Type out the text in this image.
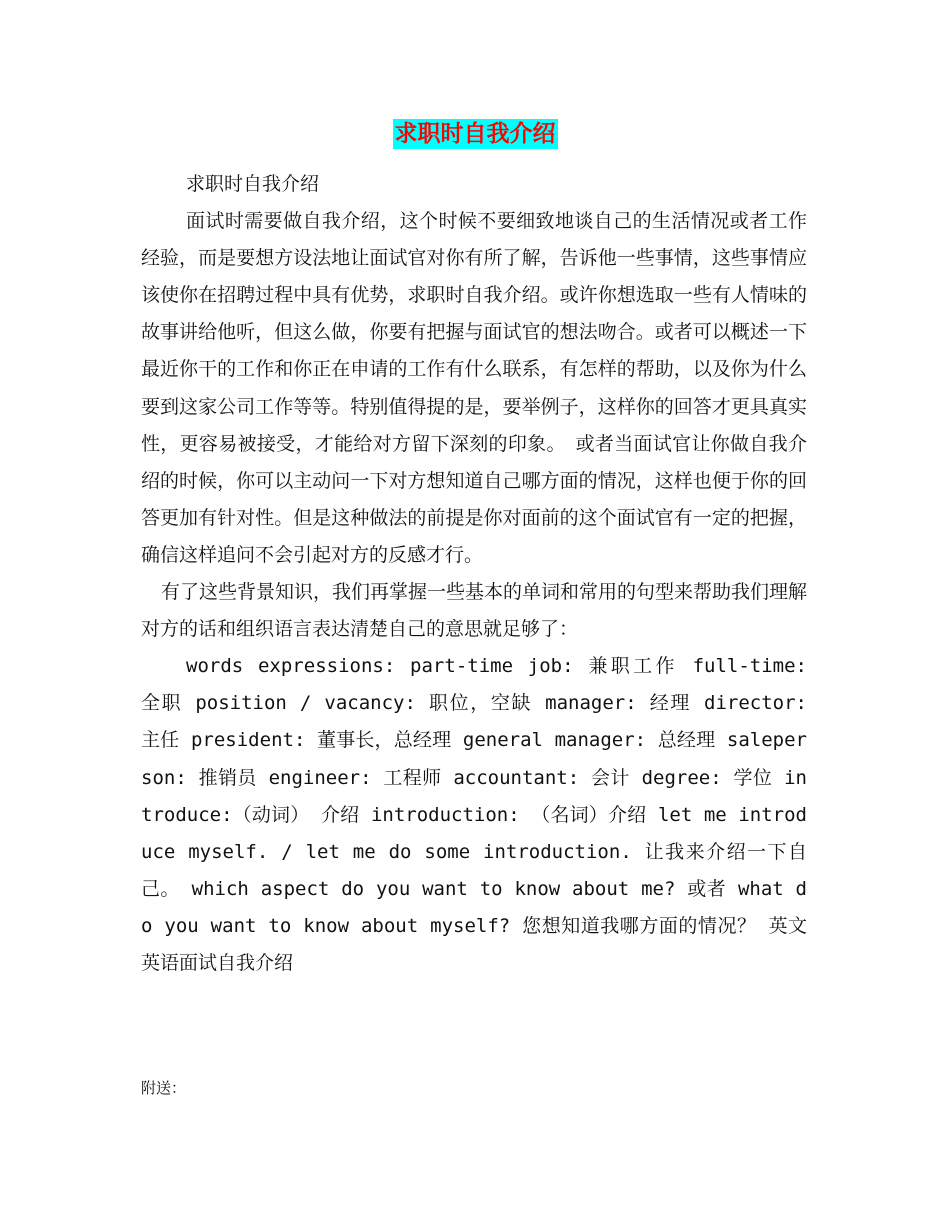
求职时自我介绍

求职时自我介绍

面试时需要做自我介绍，这个时候不要细致地谈自己的生活情况或者工作经验，而是要想方设法地让面试官对你有所了解，告诉他一些事情，这些事情应该使你在招聘过程中具有优势，求职时自我介绍。或许你想选取一些有人情味的故事讲给他听，但这么做，你要有把握与面试官的想法吻合。或者可以概述一下最近你干的工作和你正在申请的工作有什么联系，有怎样的帮助，以及你为什么要到这家公司工作等等。特别值得提的是，要举例子，这样你的回答才更具真实性，更容易被接受，才能给对方留下深刻的印象。　或者当面试官让你做自我介绍的时候，你可以主动问一下对方想知道自己哪方面的情况，这样也便于你的回答更加有针对性。但是这种做法的前提是你对面前的这个面试官有一定的把握，确信这样追问不会引起对方的反感才行。

有了这些背景知识，我们再掌握一些基本的单词和常用的句型来帮助我们理解对方的话和组织语言表达清楚自己的意思就足够了：

words expressions: part-time job: 兼职工作 full-time: 全职 position / vacancy: 职位，空缺 manager: 经理 director: 主任 president: 董事长，总经理 general manager: 总经理 saleperson: 推销员 engineer: 工程师 accountant: 会计 degree: 学位 introduce:（动词） 介绍 introduction: （名词）介绍 let me introduce myself. / let me do some introduction. 让我来介绍一下自己。 which aspect do you want to know about me? 或者 what do you want to know about myself? 您想知道我哪方面的情况？ 英文英语面试自我介绍

附送：
